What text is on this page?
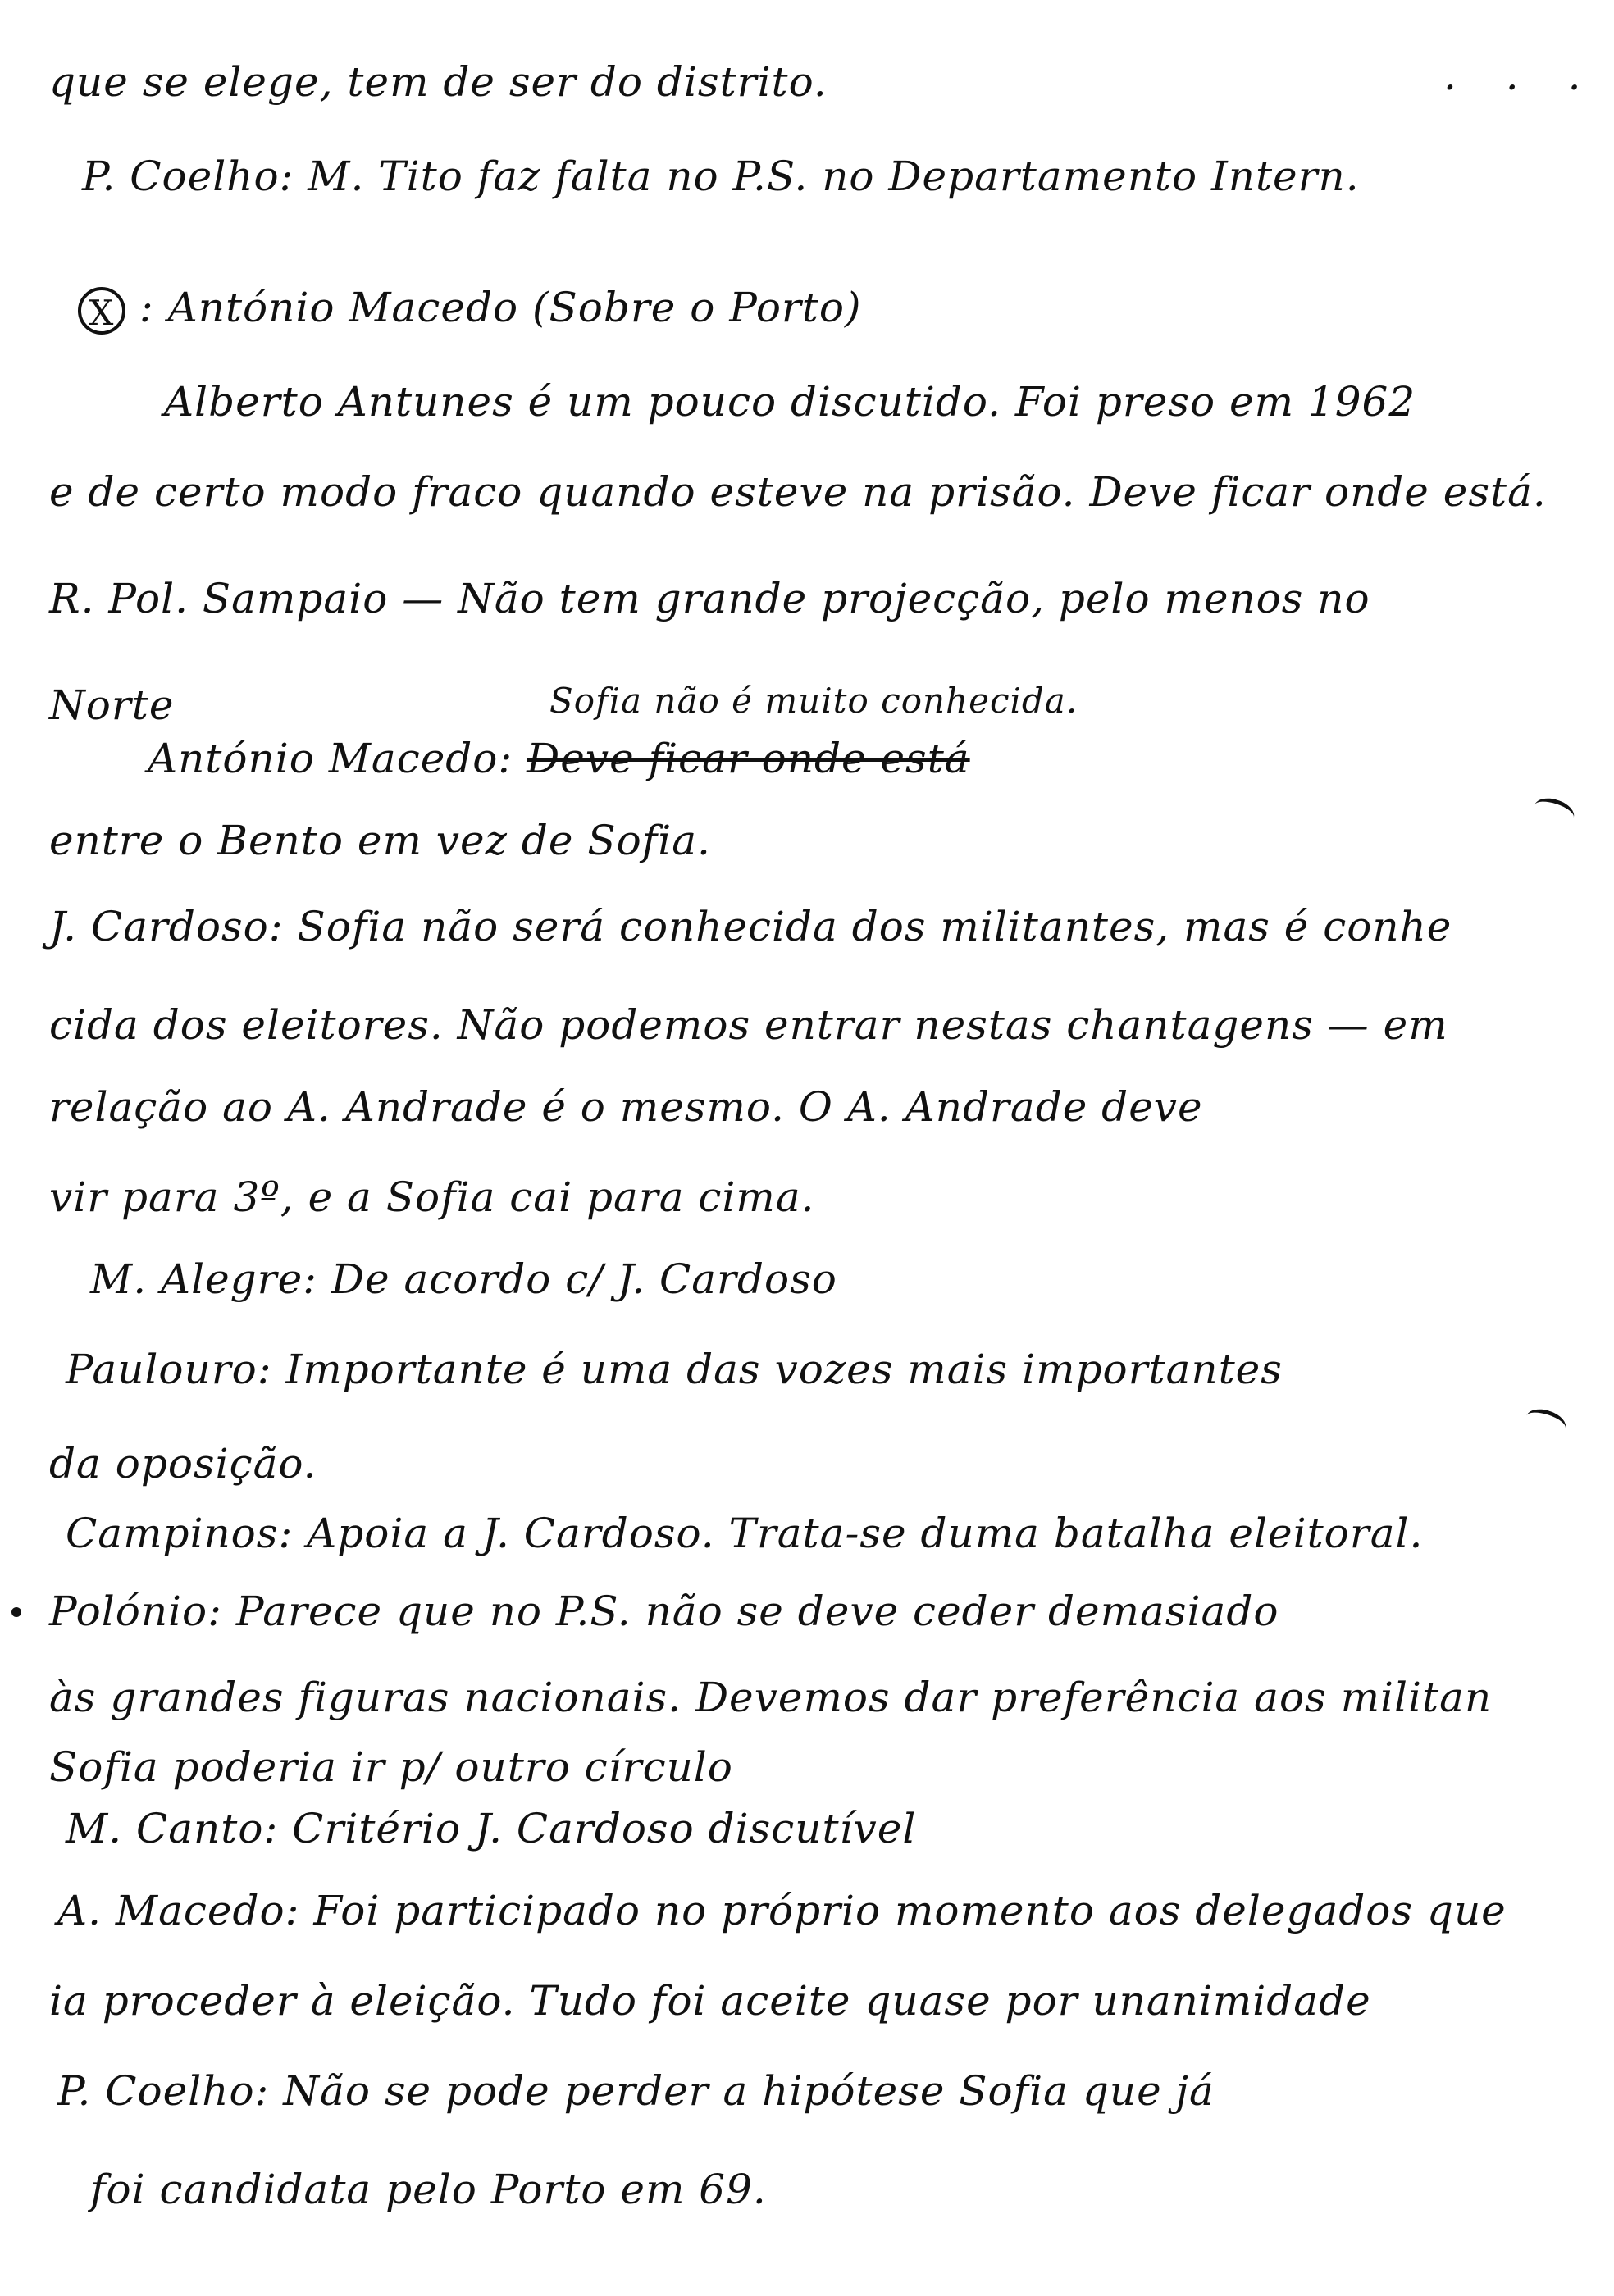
que se elege, tem de ser do distrito.	. . .
P. Coelho: M. Tito faz falta no P.S. no Departamento Intern.
X : António Macedo (Sobre o Porto)
Alberto Antunes é um pouco discutido. Foi preso em 1962
e de certo modo fraco quando esteve na prisão. Deve ficar onde está.
R. Pol. Sampaio — Não tem grande projecção, pelo menos no
Norte	Sofia não é muito conhecida.
António Macedo: Deve ficar onde está
entre o Bento em vez de Sofia.
J. Cardoso: Sofia não será conhecida dos militantes, mas é conhe
cida dos eleitores. Não podemos entrar nestas chantagens — em
relação ao A. Andrade é o mesmo. O A. Andrade deve
vir para 3º, e a Sofia cai para cima.
M. Alegre: De acordo c/ J. Cardoso
Paulouro: Importante é uma das vozes mais importantes
da oposição.
Campinos: Apoia a J. Cardoso. Trata-se duma batalha eleitoral.
Polónio: Parece que no P.S. não se deve ceder demasiado
às grandes figuras nacionais. Devemos dar preferência aos militan
Sofia poderia ir p/ outro círculo
M. Canto: Critério J. Cardoso discutível
A. Macedo: Foi participado no próprio momento aos delegados que
ia proceder à eleição. Tudo foi aceite quase por unanimidade
P. Coelho: Não se pode perder a hipótese Sofia que já
foi candidata pelo Porto em 69.
